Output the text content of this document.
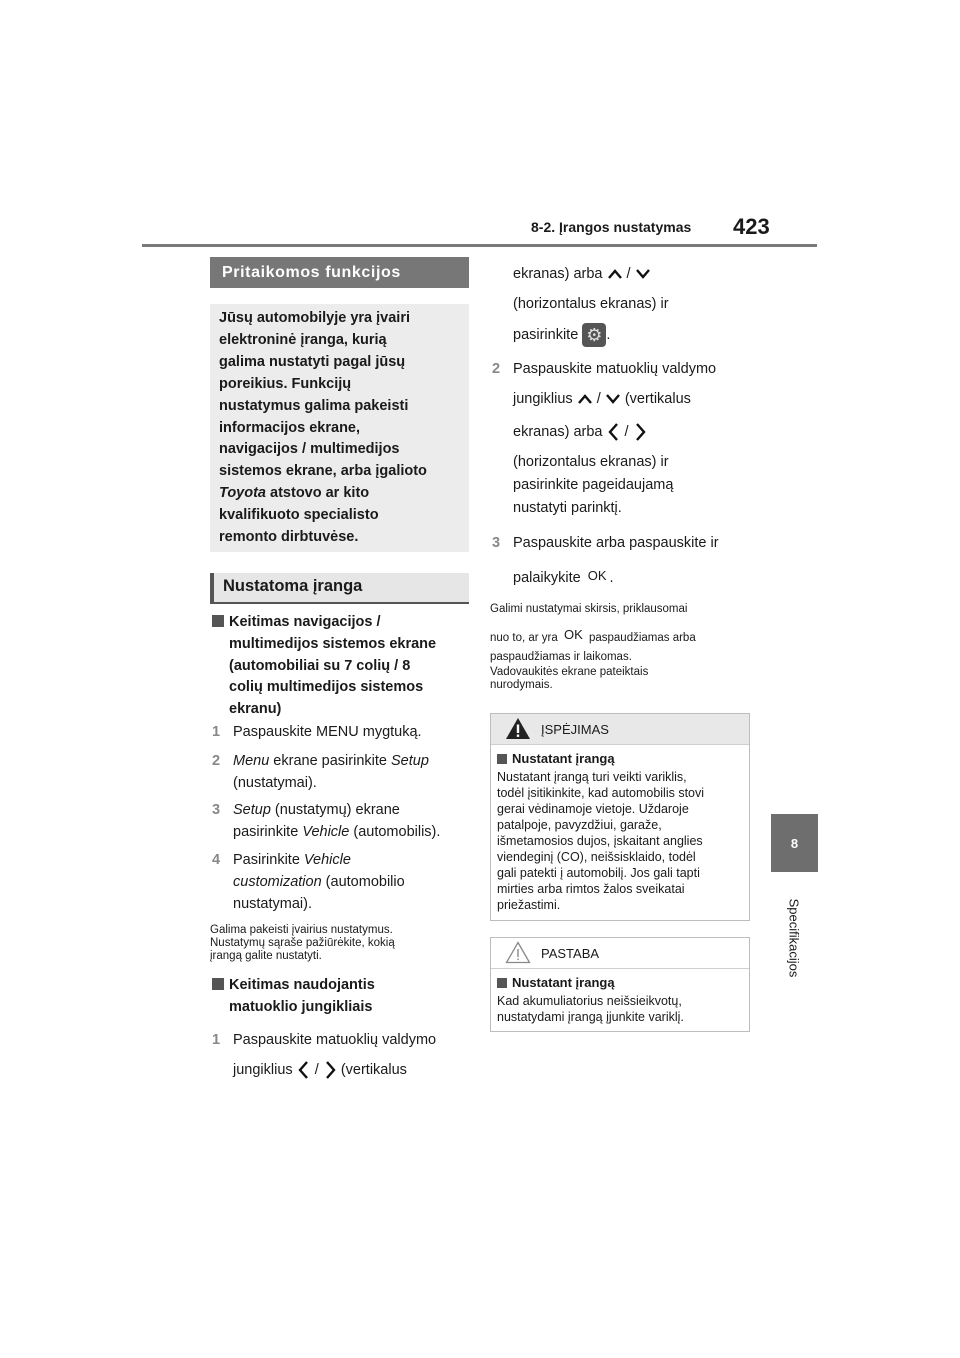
8-2. Įrangos nustatymas 423
8
Specifikacijos
Pritaikomos funkcijos
Jūsų automobilyje yra įvairi
elektroninė įranga, kurią
galima nustatyti pagal jūsų
poreikius. Funkcijų
nustatymus galima pakeisti
informacijos ekrane,
navigacijos / multimedijos
sistemos ekrane, arba įgalioto
Toyota atstovo ar kito
kvalifikuoto specialisto
remonto dirbtuvėse.
Nustatoma įranga
Keitimas navigacijos /
multimedijos sistemos ekrane
(automobiliai su 7 colių / 8
colių multimedijos sistemos
ekranu)
1 Paspauskite MENU mygtuką.
2 Menu ekrane pasirinkite Setup
(nustatymai).
3 Setup (nustatymų) ekrane
pasirinkite Vehicle (automobilis).
4 Pasirinkite Vehicle
customization (automobilio
nustatymai).
Galima pakeisti įvairius nustatymus.
Nustatymų sąraše pažiūrėkite, kokią
įrangą galite nustatyti.
Keitimas naudojantis
matuoklio jungikliais
1 Paspauskite matuoklių valdymo
jungiklius  /  (vertikalus
ekranas) arba  /
(horizontalus ekranas) ir
pasirinkite ⚙ .
2 Paspauskite matuoklių valdymo
jungiklius  /  (vertikalus
ekranas) arba  /
(horizontalus ekranas) ir
pasirinkite pageidaujamą
nustatyti parinktį.
3 Paspauskite arba paspauskite ir
palaikykite OK .
Galimi nustatymai skirsis, priklausomai
nuo to, ar yra OK paspaudžiamas arba
paspaudžiamas ir laikomas.
Vadovaukitės ekrane pateiktais
nurodymais.
ĮSPĖJIMAS
Nustatant įrangą
Nustatant įrangą turi veikti variklis,
todėl įsitikinkite, kad automobilis stovi
gerai vėdinamoje vietoje. Uždaroje
patalpoje, pavyzdžiui, garaže,
išmetamosios dujos, įskaitant anglies
viendeginį (CO), neišsisklaido, todėl
gali patekti į automobilį. Jos gali tapti
mirties arba rimtos žalos sveikatai
priežastimi.
PASTABA
Nustatant įrangą
Kad akumuliatorius neišsieikvotų,
nustatydami įrangą įjunkite variklį.
